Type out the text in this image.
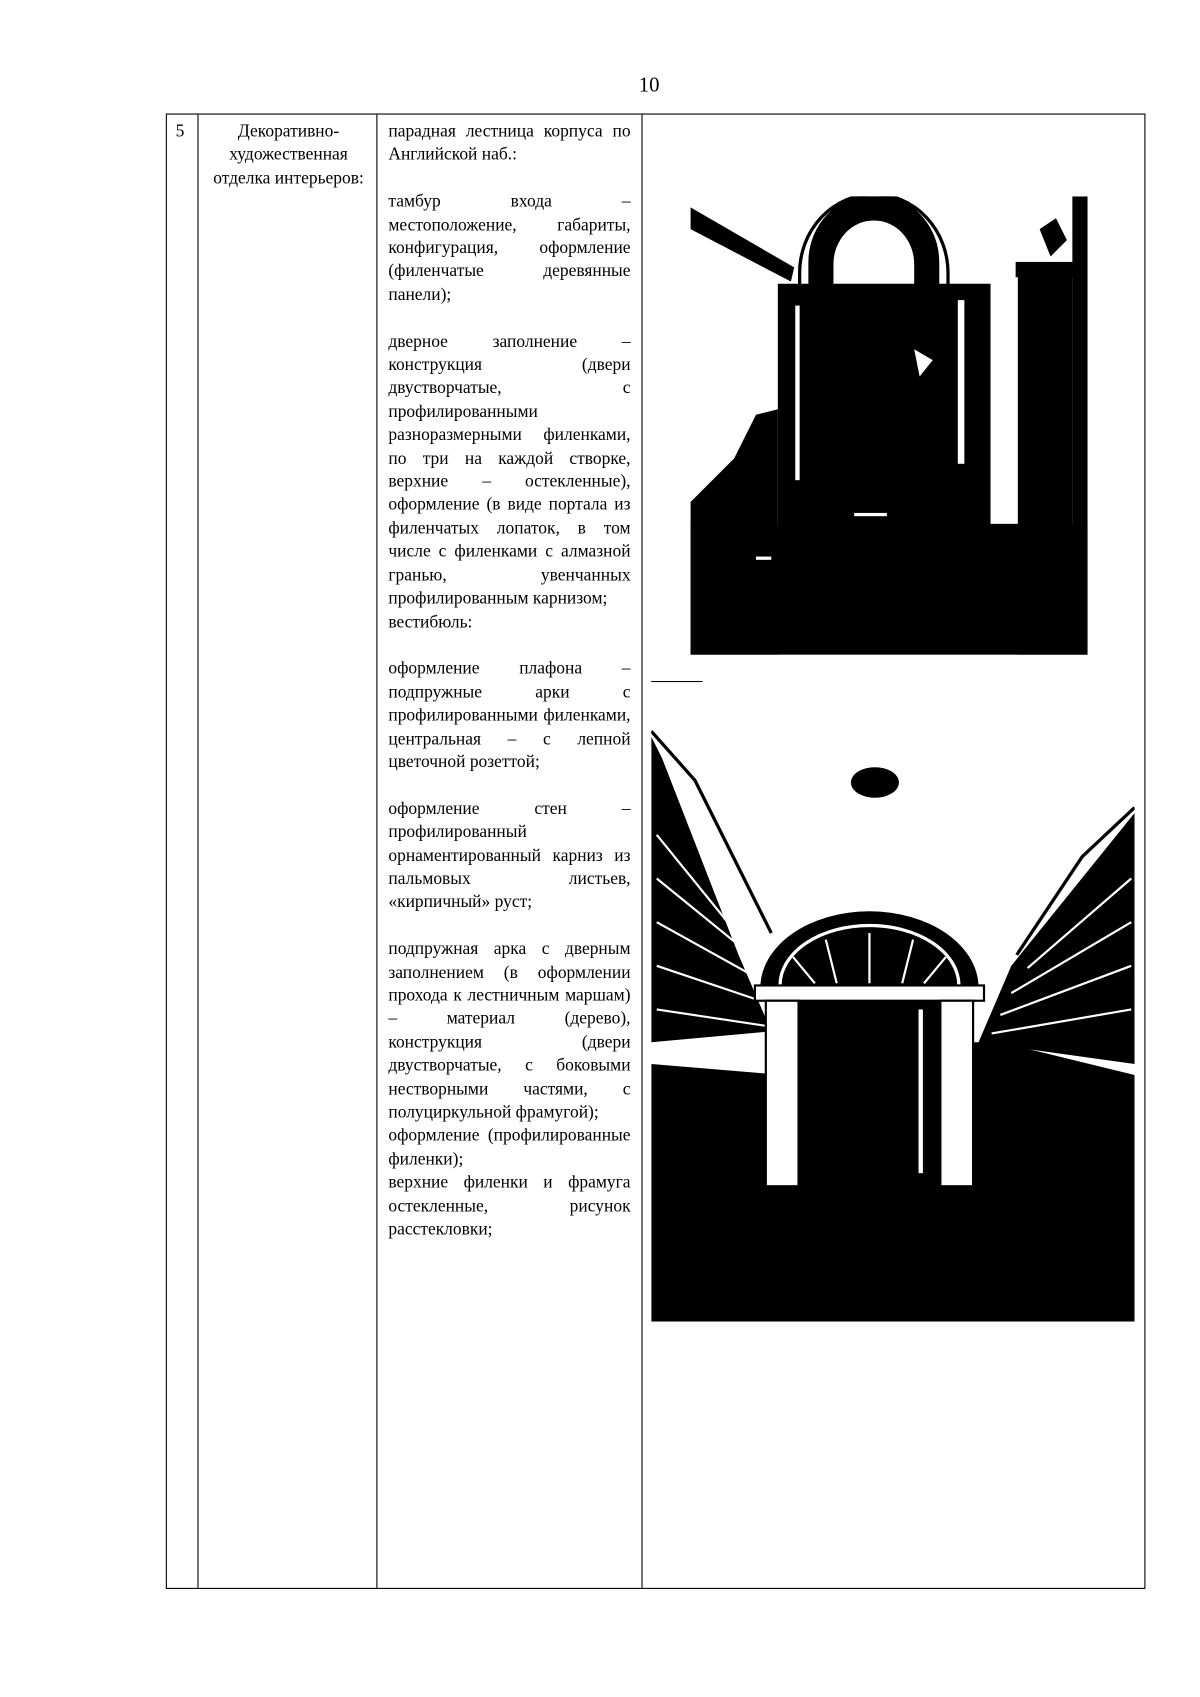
10
5	Декоративно-художественная отделка интерьеров:

парадная лестница корпуса по Английской наб.:

тамбур входа – местоположение, габариты, конфигурация, оформление (филенчатые деревянные панели);

дверное заполнение – конструкция (двери двустворчатые, с профилированными разноразмерными филенками, по три на каждой створке, верхние – остекленные), оформление (в виде портала из филенчатых лопаток, в том числе с филенками с алмазной гранью, увенчанных профилированным карнизом;

вестибюль:

оформление плафона – подпружные арки с профилированными филенками, центральная – с лепной цветочной розеттой;

оформление стен – профилированный орнаментированный карниз из пальмовых листьев, «кирпичный» руст;

подпружная арка с дверным заполнением (в оформлении прохода к лестничным маршам) – материал (дерево), конструкция (двери двустворчатые, с боковыми нестворными частями, с полуциркульной фрамугой);

оформление (профилированные филенки);

верхние филенки и фрамуга остекленные, рисунок расстекловки;
